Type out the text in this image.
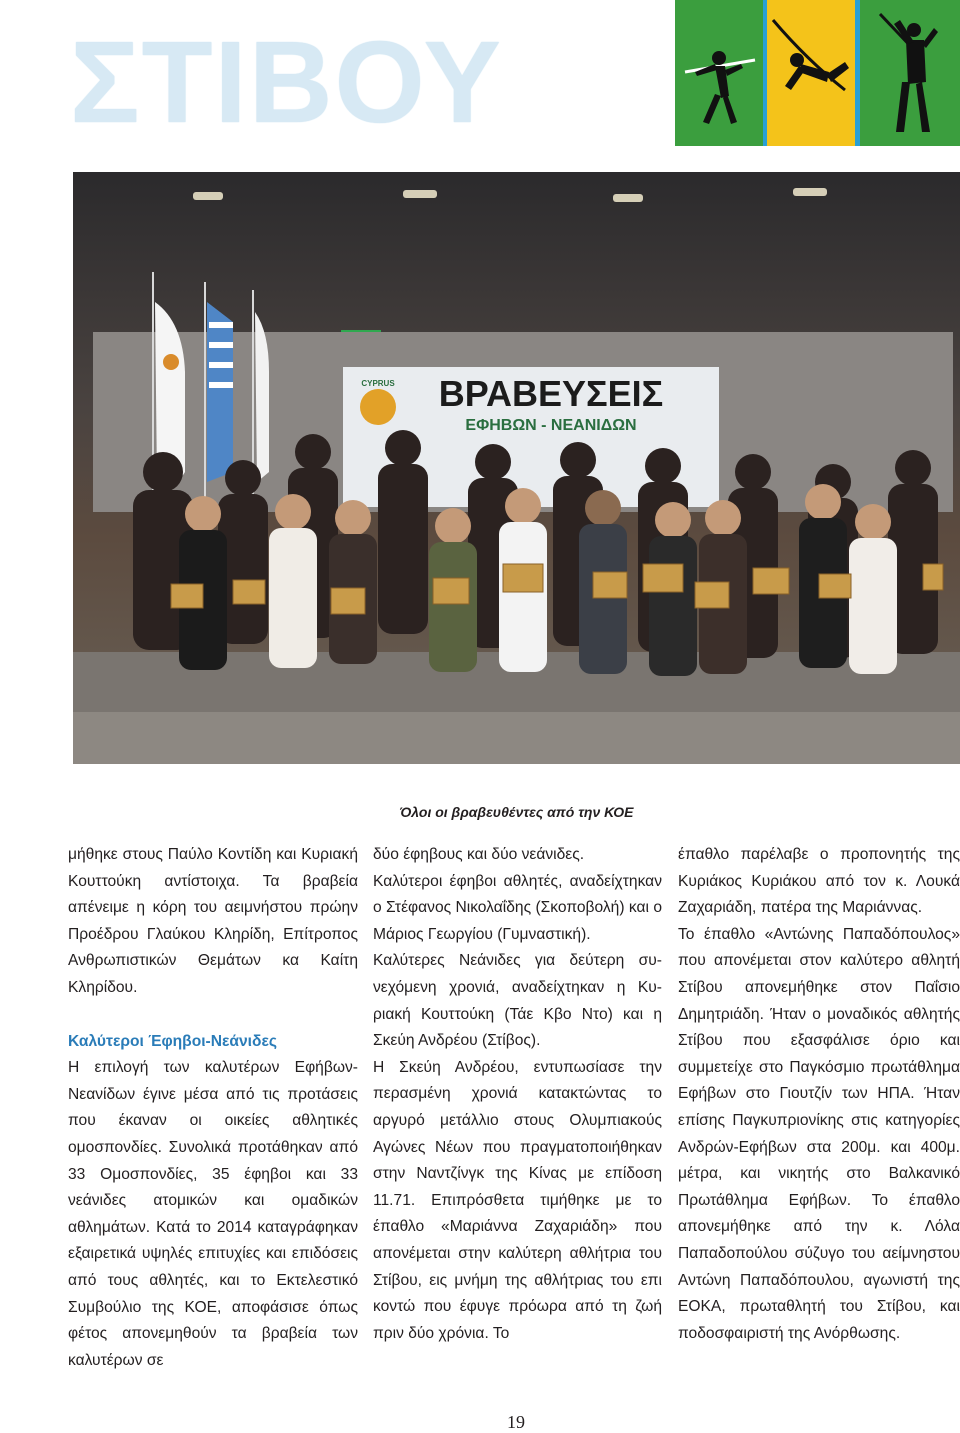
ΣΤΙΒΟΥ
CYPRUS ΒΡΑΒΕΥΣΕΙΣ
ΕΦΗΒΩΝ - ΝΕΑΝΙΔΩΝ
Όλοι οι βραβευθέντες από την ΚΟΕ

μήθηκε στους Παύλο Κοντίδη και Κυριακή Κουττούκη αντίστοιχα. Τα βραβεία απένειμε η κόρη του αειμνήστου πρώην Προέδρου Γλαύκου Κληρίδη, Επίτροπος Ανθρωπιστικών Θεμάτων κα Καίτη Κληρίδου.

Καλύτεροι Έφηβοι-Νεάνιδες

Η επιλογή των καλυτέρων Εφήβων-Νεανίδων έγινε μέσα από τις προτάσεις που έκαναν οι οικείες αθλητικές ομοσπονδίες. Συνολικά προτάθηκαν από 33 Ομοσπονδίες, 35 έφηβοι και 33 νεάνιδες ατομικών και ομαδικών αθλημάτων. Κατά το 2014 καταγράφηκαν εξαιρετικά υψηλές επιτυχίες και επιδόσεις από τους αθλητές, και το Εκτελεστικό Συμβούλιο της ΚΟΕ, αποφάσισε όπως φέτος απονεμηθούν τα βραβεία των καλυτέρων σε

δύο έφηβους και δύο νεάνιδες.

Καλύτεροι έφηβοι αθλητές, αναδείχτηκαν ο Στέφανος Νικολαΐδης (Σκοποβολή) και ο Μάριος Γεωργίου (Γυμναστική).

Καλύτερες Νεάνιδες για δεύτερη συνεχόμενη χρονιά, αναδείχτηκαν η Κυριακή Κουττούκη (Τάε Κβο Ντο) και η Σκεύη Ανδρέου (Στίβος).

Η Σκεύη Ανδρέου, εντυπωσίασε την περασμένη χρονιά κατακτώντας το αργυρό μετάλλιο στους Ολυμπιακούς Αγώνες Νέων που πραγματοποιήθηκαν στην Ναντζίνγκ της Κίνας με επίδοση 11.71. Επιπρόσθετα τιμήθηκε με το έπαθλο «Μαριάννα Ζαχαριάδη» που απονέμεται στην καλύτερη αθλήτρια του Στίβου, εις μνήμη της αθλήτριας του επι κοντώ που έφυγε πρόωρα από τη ζωή πριν δύο χρόνια. Το

έπαθλο παρέλαβε ο προπονητής της Κυριάκος Κυριάκου από τον κ. Λουκά Ζαχαριάδη, πατέρα της Μαριάννας.

Το έπαθλο «Αντώνης Παπαδόπουλος» που απονέμεται στον καλύτερο αθλητή Στίβου απονεμήθηκε στον Παΐσιο Δημητριάδη. Ήταν ο μοναδικός αθλητής Στίβου που εξασφάλισε όριο και συμμετείχε στο Παγκόσμιο πρωτάθλημα Εφήβων στο Γιουτζίν των ΗΠΑ. Ήταν επίσης Παγκυπριονίκης στις κατηγορίες Ανδρών-Εφήβων στα 200μ. και 400μ. μέτρα, και νικητής στο Βαλκανικό Πρωτάθλημα Εφήβων. Το έπαθλο απονεμήθηκε από την κ. Λόλα Παπαδοπούλου σύζυγο του αείμνηστου Αντώνη Παπαδόπουλου, αγωνιστή της ΕΟΚΑ, πρωταθλητή του Στίβου, και ποδοσφαιριστή της Ανόρθωσης.

19
